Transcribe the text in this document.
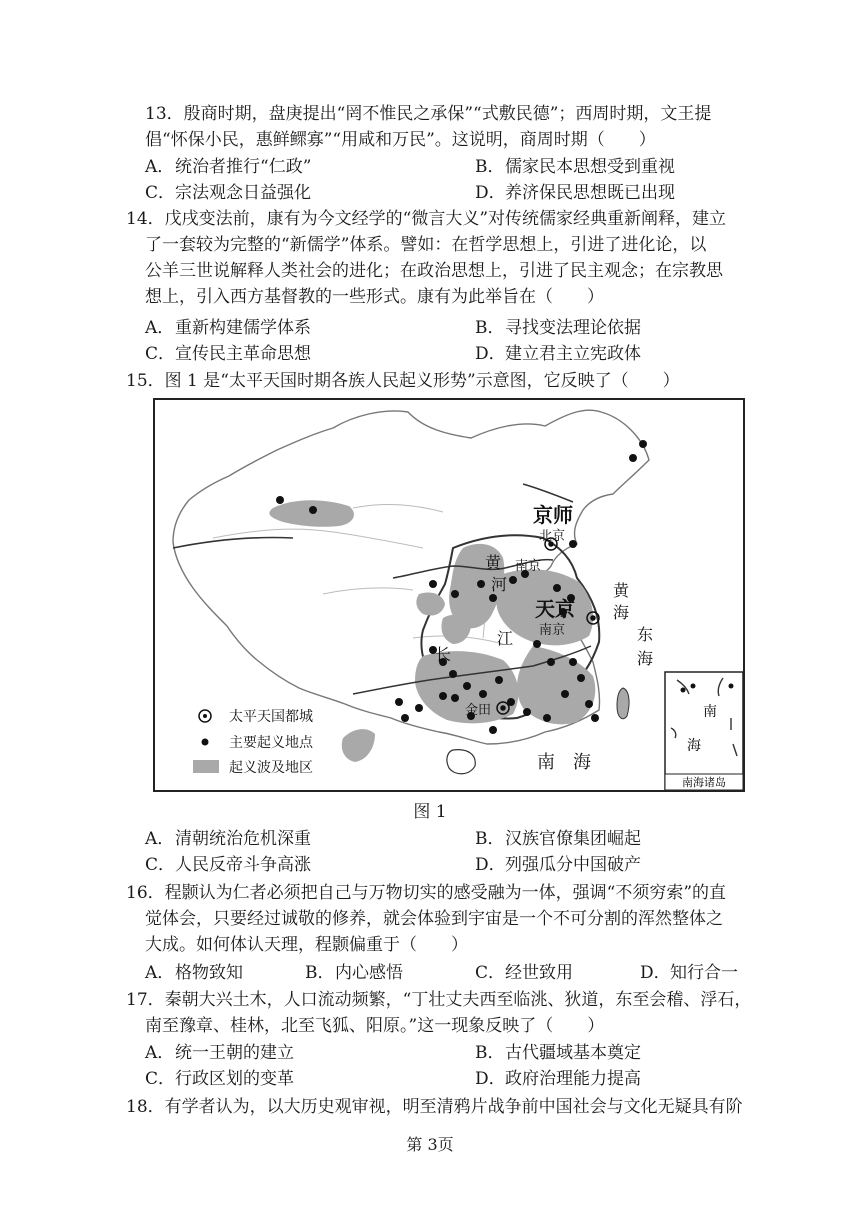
13．殷商时期，盘庚提出“罔不惟民之承保”“式敷民德”；西周时期，文王提
倡“怀保小民，惠鲜鳏寡”“用咸和万民”。这说明，商周时期（　　）
A．统治者推行“仁政”	B．儒家民本思想受到重视
C．宗法观念日益强化	D．养济保民思想既已出现
14．戊戌变法前，康有为今文经学的“微言大义”对传统儒家经典重新阐释，建立
了一套较为完整的“新儒学”体系。譬如：在哲学思想上，引进了进化论，以
公羊三世说解释人类社会的进化；在政治思想上，引进了民主观念；在宗教思
想上，引入西方基督教的一些形式。康有为此举旨在（　　）
A．重新构建儒学体系	B．寻找变法理论依据
C．宣传民主革命思想	D．建立君主立宪政体
15．图 1 是“太平天国时期各族人民起义形势”示意图，它反映了（　　）
京师
北京
黄
河
南京
天京
南京
江
长
金田
黄
海
东
海
南　海
南
海
南海诸岛
太平天国都城
主要起义地点
起义波及地区
图 1
A．清朝统治危机深重	B．汉族官僚集团崛起
C．人民反帝斗争高涨	D．列强瓜分中国破产
16．程颢认为仁者必须把自己与万物切实的感受融为一体，强调“不须穷索”的直
觉体会，只要经过诚敬的修养，就会体验到宇宙是一个不可分割的浑然整体之
大成。如何体认天理，程颢偏重于（　　）
A．格物致知	B．内心感悟	C．经世致用	D．知行合一
17．秦朝大兴土木，人口流动频繁，“丁壮丈夫西至临洮、狄道，东至会稽、浮石，
南至豫章、桂林，北至飞狐、阳原。”这一现象反映了（　　）
A．统一王朝的建立	B．古代疆域基本奠定
C．行政区划的变革	D．政府治理能力提高
18．有学者认为，以大历史观审视，明至清鸦片战争前中国社会与文化无疑具有阶
第 3页
